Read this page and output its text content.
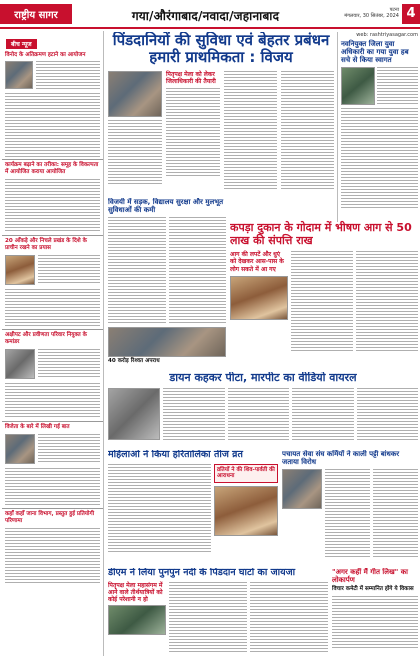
राष्ट्रीय सागर	गया/औरंगाबाद/नवादा/जहानाबाद	पटना
मंगलवार, 30 सितंबर, 2024 4
बीच न्यूज
विनोद के अतिक्रमण हटाने का आयोजन
कार्यक्रम बढ़ाने का तरीका: समूह के विकल्पता में आयोजित कराया आयोजित
20 आँकड़े और निचले प्रखंड के दिशे के प्राचीन रखने का प्रयास
अक्षीपट और प्रवीणता परिवार नियुक्त के कमांडर
विजेता के बारे में लिखी गई बात
कहाँ कहाँ जाना विभाग, प्रस्तुत हुई प्रतियोगी परिणामा
पिंडदानियों की सुविधा एवं बेहतर प्रबंधन हमारी प्राथमिकता : विजय
पितृपक्ष मेला को लेकर जिलाधिकारी की तैयारी
web: rashtriyasagar.com
नवनियुक्त जिला युवा अधिकारी का गया युवा हब सचे से किया स्वागत
विजयी में सड़क, विद्यालय सुरक्षा और मुलभूत सुविधाओं की कमी
40 करोड़ रिश्वत अपराध
कपड़ा दुकान के गोदाम में भीषण आग से 50 लाख की संपत्ति राख
आग की लपटें और धुएं को देखकर आस-पास के लोग सकते में आ गए
डायन कहकर पीटा, मारपीट का वीडियो वायरल
महिलाओं ने किया हरितालिका तीज व्रत
व्रतियों ने की शिव-पार्वती की आराधना
पचायत सेवा संघ कर्मियों ने काली पट्टी बांधकर जताया विरोध
डीएम ने लिया पुनपुन नदी के पिंडदान घाटों का जायजा
पितृपक्ष मेला महासंगम में आने वाले तीर्थयात्रियों को कोई परेशानी न हो
"अगर कहीं मैं गीत लिख" का लोकार्पण
विचार कमेटी में सम्मानित होंगे ये विकास
